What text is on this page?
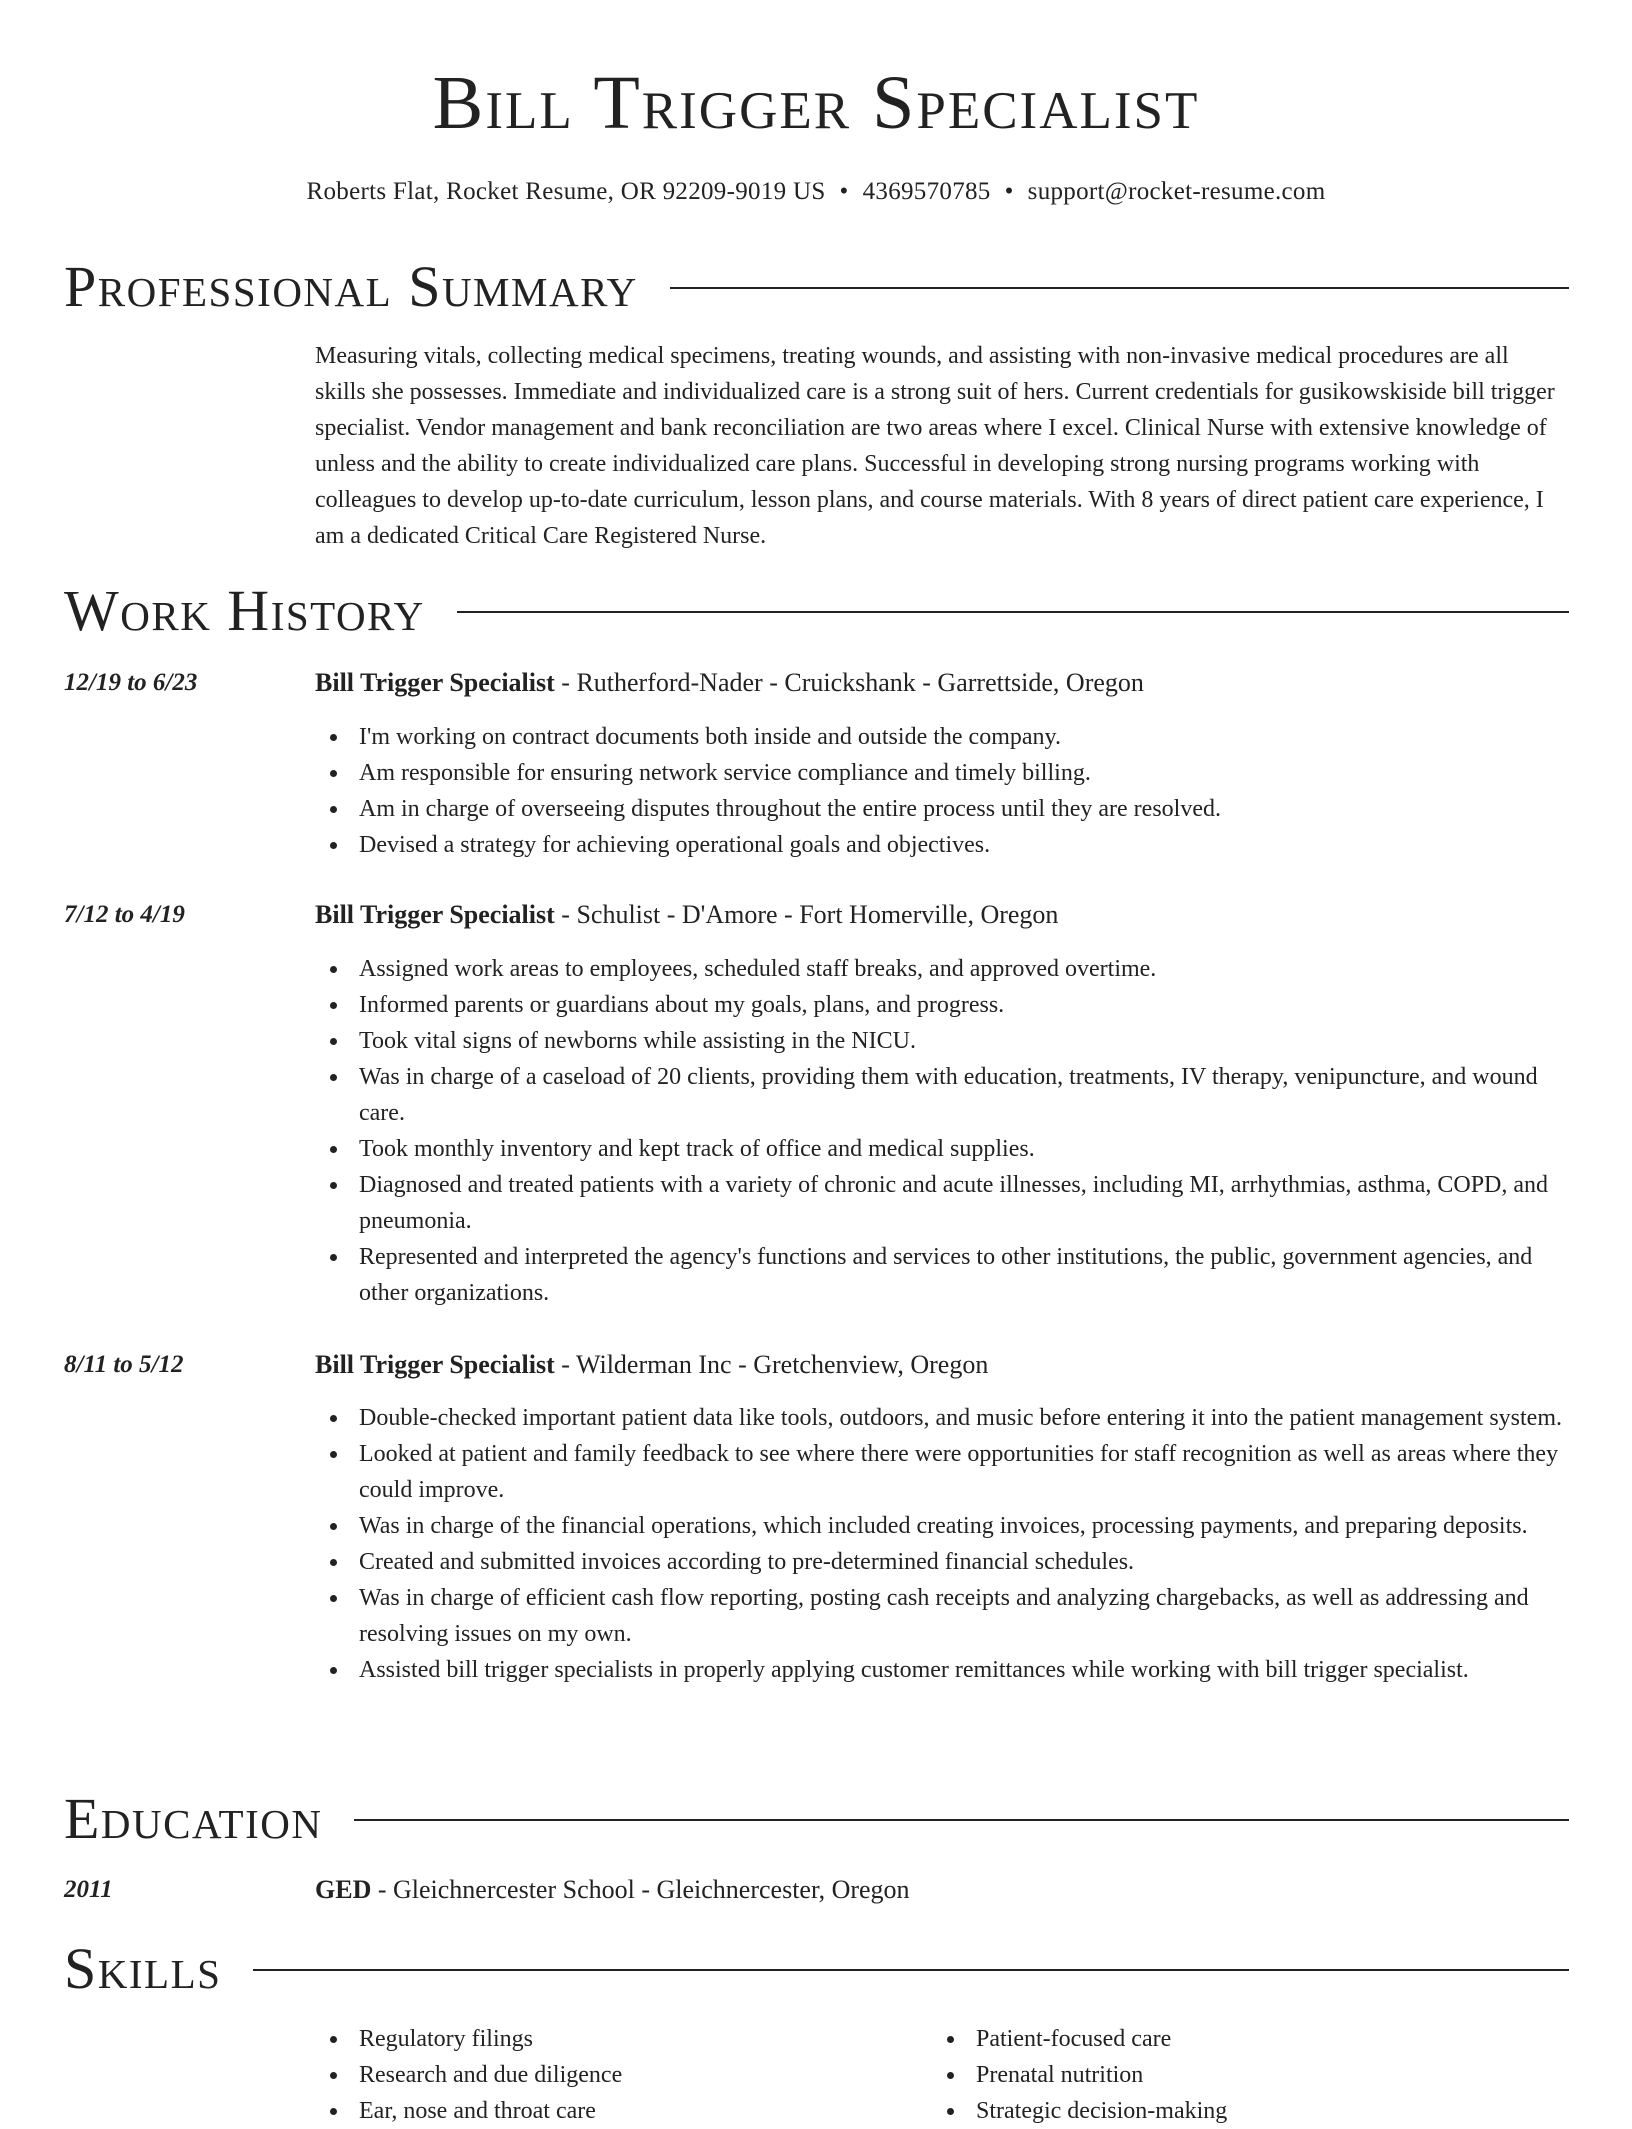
Bill Trigger Specialist
Roberts Flat, Rocket Resume, OR 92209-9019 US • 4369570785 • support@rocket-resume.com
Professional Summary

Measuring vitals, collecting medical specimens, treating wounds, and assisting with non-invasive medical procedures are all skills she possesses. Immediate and individualized care is a strong suit of hers. Current credentials for gusikowskiside bill trigger specialist. Vendor management and bank reconciliation are two areas where I excel. Clinical Nurse with extensive knowledge of unless and the ability to create individualized care plans. Successful in developing strong nursing programs working with colleagues to develop up-to-date curriculum, lesson plans, and course materials. With 8 years of direct patient care experience, I am a dedicated Critical Care Registered Nurse.

Work History
12/19 to 6/23	Bill Trigger Specialist - Rutherford-Nader - Cruickshank - Garrettside, Oregon
I'm working on contract documents both inside and outside the company.
Am responsible for ensuring network service compliance and timely billing.
Am in charge of overseeing disputes throughout the entire process until they are resolved.
Devised a strategy for achieving operational goals and objectives.
7/12 to 4/19	Bill Trigger Specialist - Schulist - D'Amore - Fort Homerville, Oregon
Assigned work areas to employees, scheduled staff breaks, and approved overtime.
Informed parents or guardians about my goals, plans, and progress.
Took vital signs of newborns while assisting in the NICU.
Was in charge of a caseload of 20 clients, providing them with education, treatments, IV therapy, venipuncture, and wound care.
Took monthly inventory and kept track of office and medical supplies.
Diagnosed and treated patients with a variety of chronic and acute illnesses, including MI, arrhythmias, asthma, COPD, and pneumonia.
Represented and interpreted the agency's functions and services to other institutions, the public, government agencies, and other organizations.
8/11 to 5/12	Bill Trigger Specialist - Wilderman Inc - Gretchenview, Oregon
Double-checked important patient data like tools, outdoors, and music before entering it into the patient management system.
Looked at patient and family feedback to see where there were opportunities for staff recognition as well as areas where they could improve.
Was in charge of the financial operations, which included creating invoices, processing payments, and preparing deposits.
Created and submitted invoices according to pre-determined financial schedules.
Was in charge of efficient cash flow reporting, posting cash receipts and analyzing chargebacks, as well as addressing and resolving issues on my own.
Assisted bill trigger specialists in properly applying customer remittances while working with bill trigger specialist.
Education
2011	GED - Gleichnercester School - Gleichnercester, Oregon
Skills
Regulatory filings
Research and due diligence
Ear, nose and throat care
Patient-focused care
Prenatal nutrition
Strategic decision-making
